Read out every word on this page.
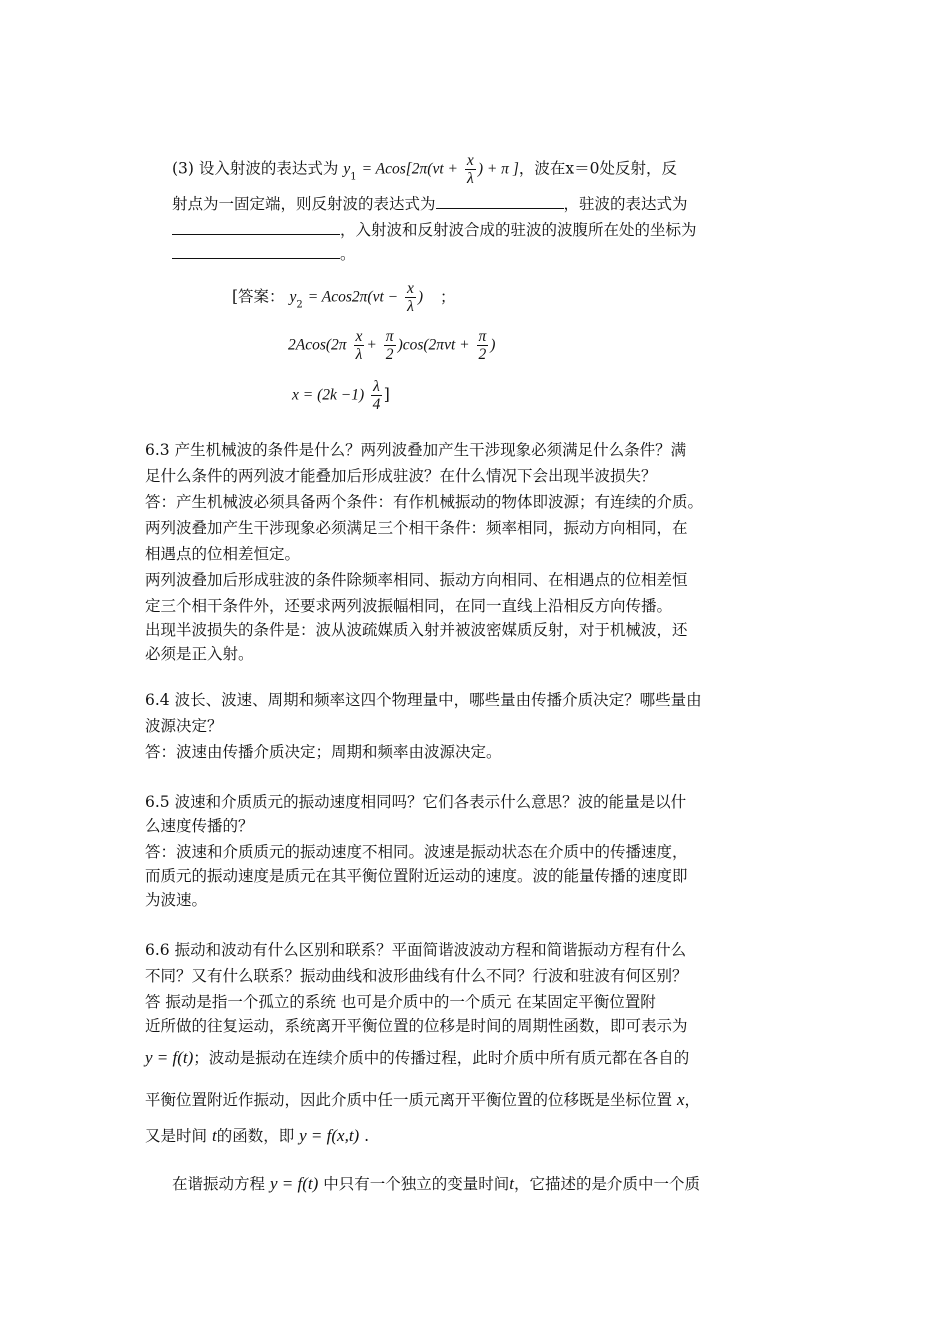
(3) 设入射波的表达式为 $y_1 = Acos[2\pi(\nu t + \frac{x}{\lambda}$ ) + π ]，波在x＝0处反射，反
射点为一固定端，则反射波的表达式为	，驻波的表达式为
，入射波和反射波合成的驻波的波腹所在处的坐标为
。
[答案： $y_2 = Acos2\pi(\nu t - \frac{x}{\lambda}$ ) ；
$2Acos(2\pi \frac{x}{\lambda} + \frac{\pi}{2} )\cos(2\pi\nu t + \frac{\pi}{2}$ )
$x = (2k -1) \frac{\lambda}{4}$ ]
6.3 产生机械波的条件是什么？两列波叠加产生干涉现象必须满足什么条件？满
足什么条件的两列波才能叠加后形成驻波？在什么情况下会出现半波损失？
答：产生机械波必须具备两个条件：有作机械振动的物体即波源；有连续的介质。
两列波叠加产生干涉现象必须满足三个相干条件：频率相同，振动方向相同，在
相遇点的位相差恒定。
两列波叠加后形成驻波的条件除频率相同、振动方向相同、在相遇点的位相差恒
定三个相干条件外，还要求两列波振幅相同，在同一直线上沿相反方向传播。
出现半波损失的条件是：波从波疏媒质入射并被波密媒质反射，对于机械波，还
必须是正入射。
6.4 波长、波速、周期和频率这四个物理量中，哪些量由传播介质决定？哪些量由
波源决定？
答：波速由传播介质决定；周期和频率由波源决定。
6.5 波速和介质质元的振动速度相同吗？它们各表示什么意思？波的能量是以什
么速度传播的？
答：波速和介质质元的振动速度不相同。波速是振动状态在介质中的传播速度，
而质元的振动速度是质元在其平衡位置附近运动的速度。波的能量传播的速度即
为波速。
6.6 振动和波动有什么区别和联系？平面简谐波波动方程和简谐振动方程有什么
不同？又有什么联系？振动曲线和波形曲线有什么不同？行波和驻波有何区别？
答 振动是指一个孤立的系统 也可是介质中的一个质元 在某固定平衡位置附
近所做的往复运动，系统离开平衡位置的位移是时间的周期性函数，即可表示为
y = f(t)；波动是振动在连续介质中的传播过程，此时介质中所有质元都在各自的
平衡位置附近作振动，因此介质中任一质元离开平衡位置的位移既是坐标位置 x，
又是时间 t的函数，即 y = f(x,t) .
在谐振动方程 y = f(t) 中只有一个独立的变量时间t，它描述的是介质中一个质
